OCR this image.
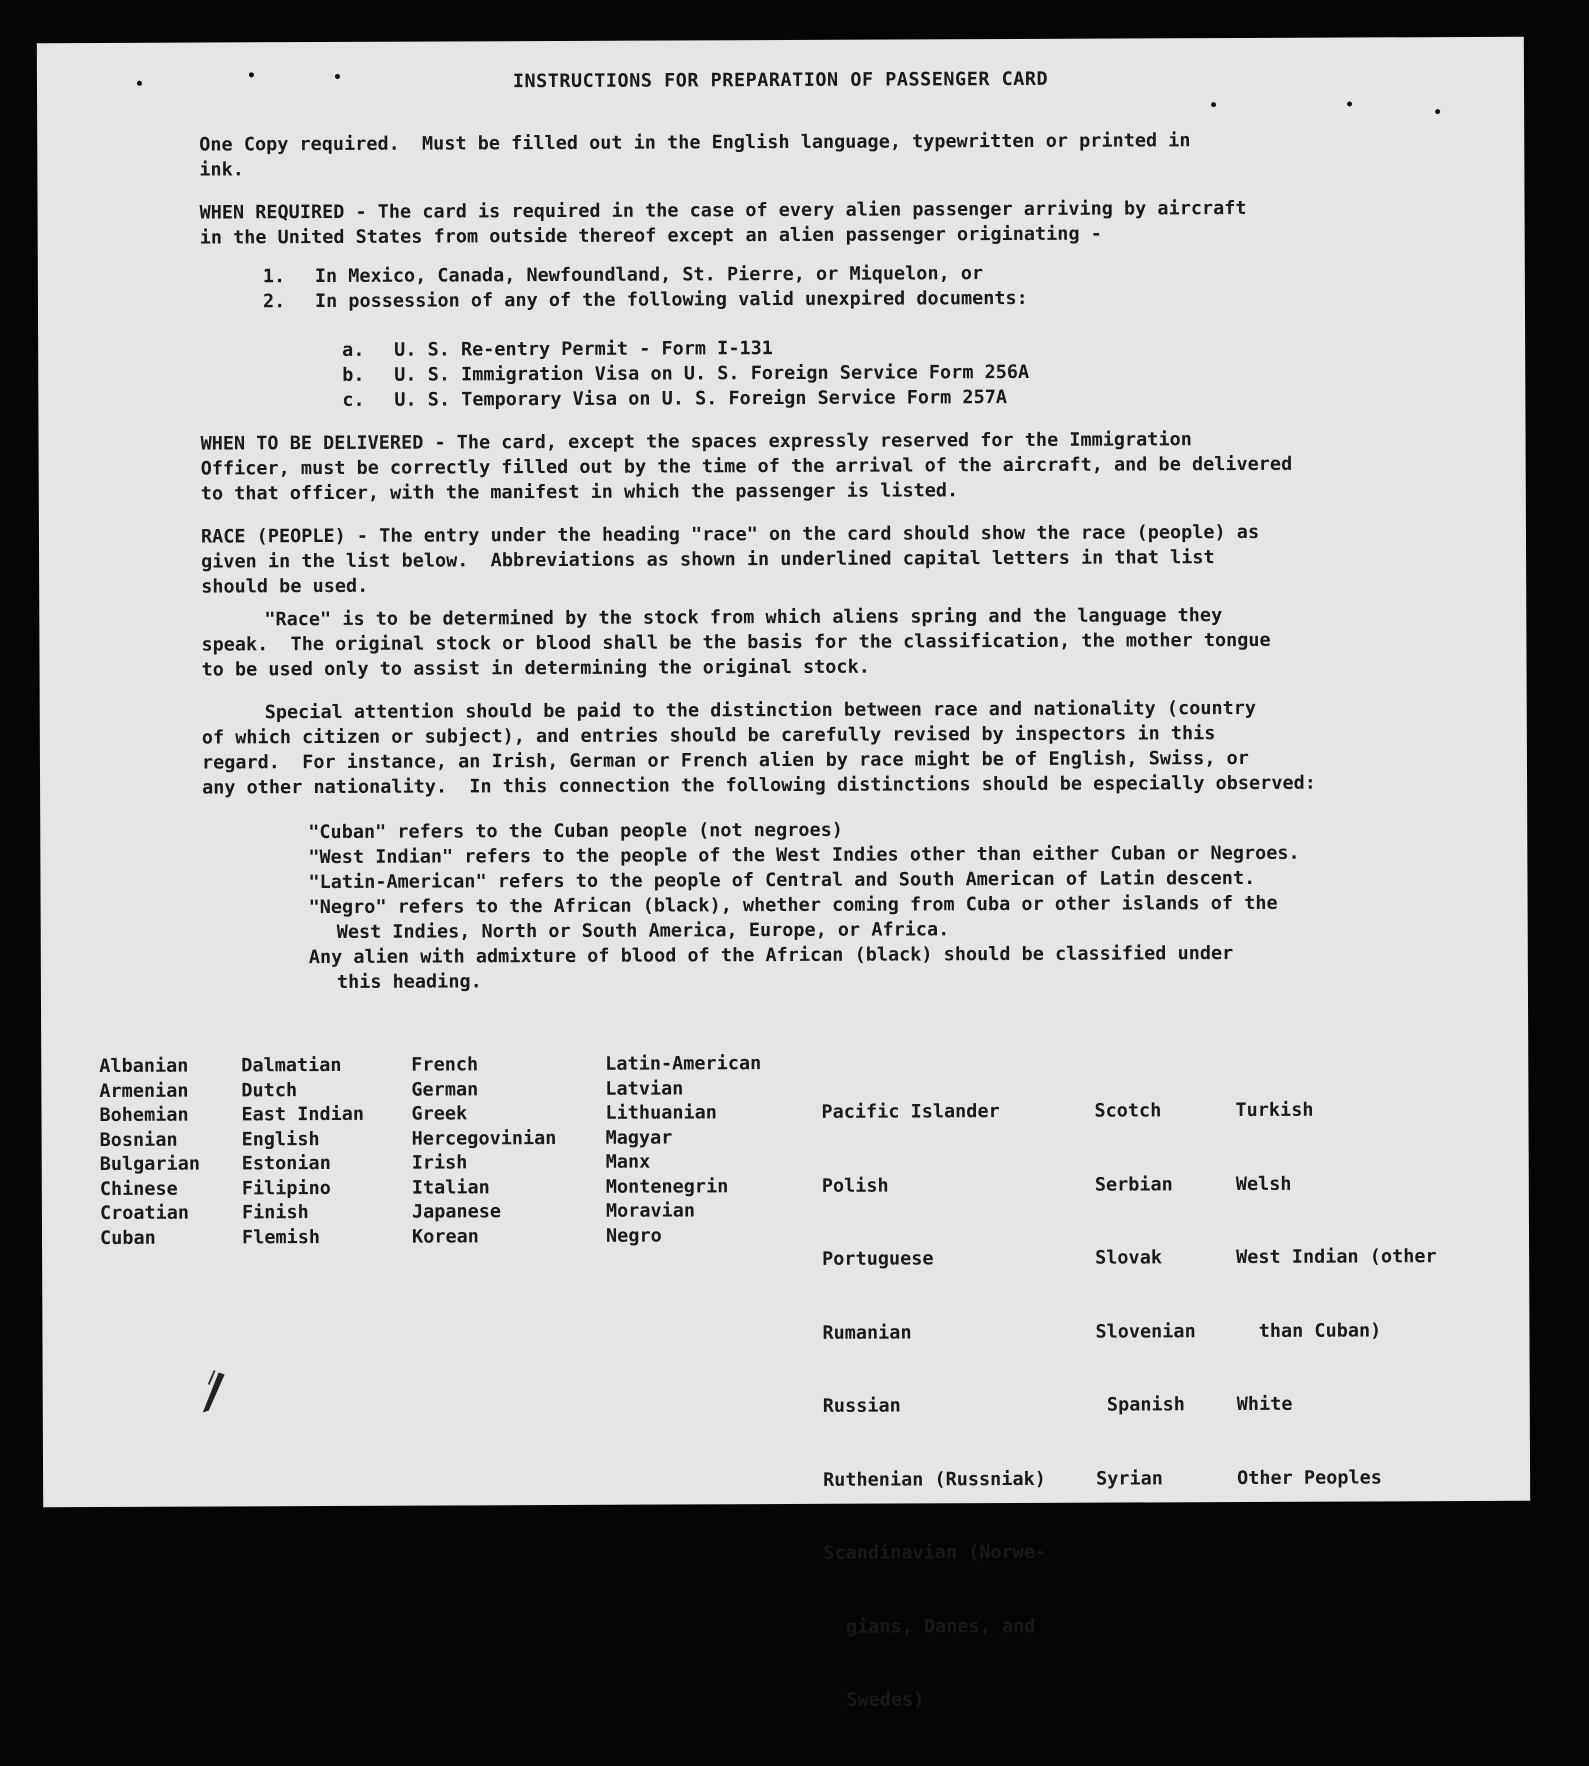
INSTRUCTIONS FOR PREPARATION OF PASSENGER CARD

One Copy required.  Must be filled out in the English language, typewritten or printed in
ink.

WHEN REQUIRED - The card is required in the case of every alien passenger arriving by aircraft
in the United States from outside thereof except an alien passenger originating -

1. In Mexico, Canada, Newfoundland, St. Pierre, or Miquelon, or
2. In possession of any of the following valid unexpired documents:
a. U. S. Re-entry Permit - Form I-131
b. U. S. Immigration Visa on U. S. Foreign Service Form 256A
c. U. S. Temporary Visa on U. S. Foreign Service Form 257A

WHEN TO BE DELIVERED - The card, except the spaces expressly reserved for the Immigration
Officer, must be correctly filled out by the time of the arrival of the aircraft, and be delivered
to that officer, with the manifest in which the passenger is listed.

RACE (PEOPLE) - The entry under the heading "race" on the card should show the race (people) as
given in the list below.  Abbreviations as shown in underlined capital letters in that list
should be used.

"Race" is to be determined by the stock from which aliens spring and the language they
speak.  The original stock or blood shall be the basis for the classification, the mother tongue
to be used only to assist in determining the original stock.

Special attention should be paid to the distinction between race and nationality (country
of which citizen or subject), and entries should be carefully revised by inspectors in this
regard.  For instance, an Irish, German or French alien by race might be of English, Swiss, or
any other nationality.  In this connection the following distinctions should be especially observed:

"Cuban" refers to the Cuban people (not negroes)
"West Indian" refers to the people of the West Indies other than either Cuban or Negroes.
"Latin-American" refers to the people of Central and South American of Latin descent.
"Negro" refers to the African (black), whether coming from Cuba or other islands of the
West Indies, North or South America, Europe, or Africa.
Any alien with admixture of blood of the African (black) should be classified under
this heading.
Albanian
Armenian
Bohemian
Bosnian
Bulgarian
Chinese
Croatian
Cuban
Dalmatian
Dutch
East Indian
English
Estonian
Filipino
Finish
Flemish
French
German
Greek
Hercegovinian
Irish
Italian
Japanese
Korean
Latin-American
Latvian
Lithuanian
Magyar
Manx
Montenegrin
Moravian
Negro

Pacific Islander

Polish

Portuguese

Rumanian

Russian

Ruthenian (Russniak)

Scandinavian (Norwe-

gians, Danes, and

Swedes)

Scotch

Serbian

Slovak

Slovenian

Spanish

Syrian

Turkish

Welsh

West Indian (other

than Cuban)

White

Other Peoples
